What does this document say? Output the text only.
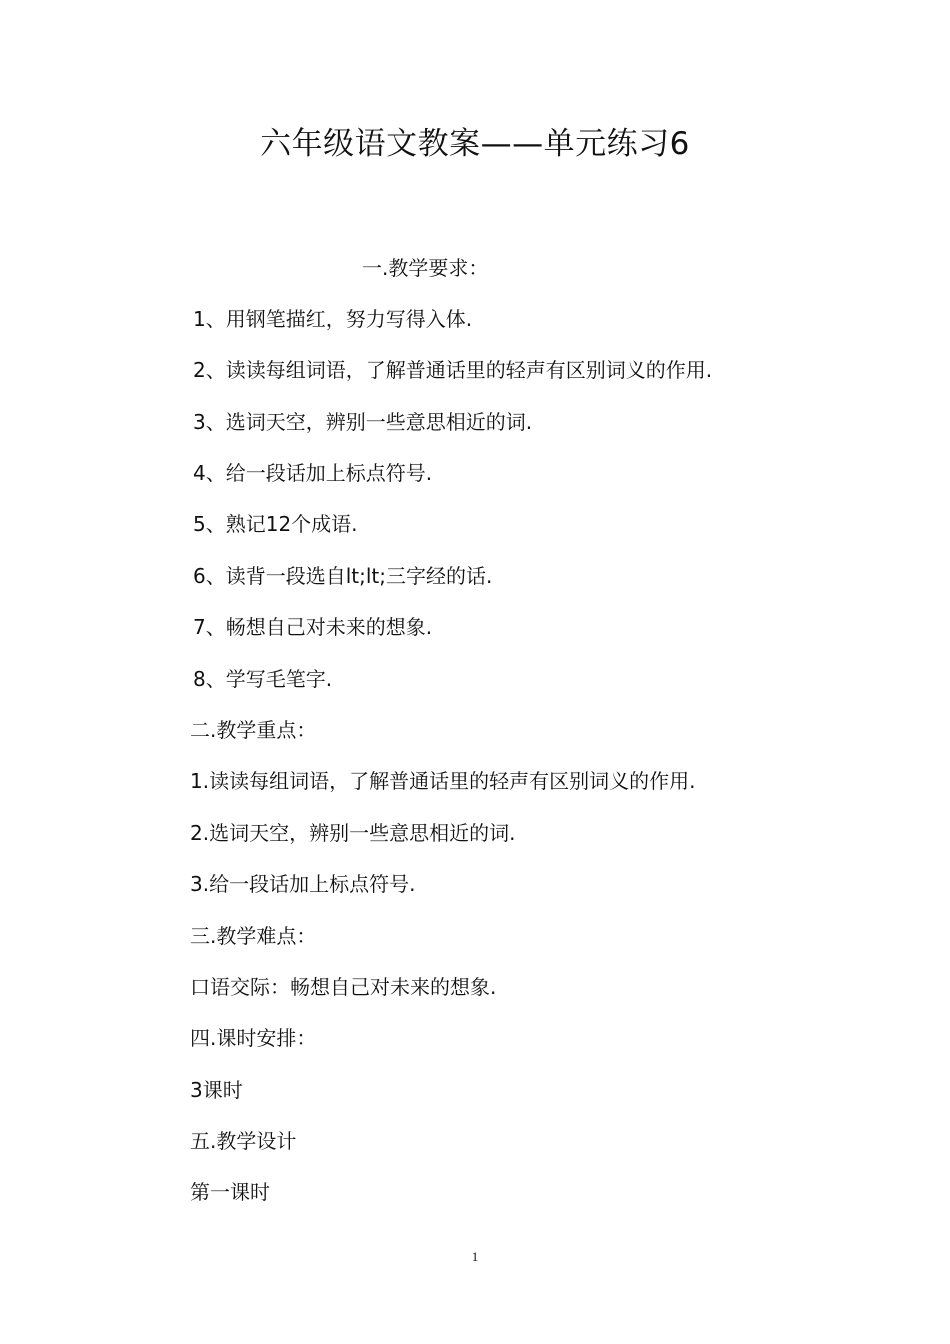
六年级语文教案——单元练习6
一.教学要求：
1、用钢笔描红，努力写得入体.
2、读读每组词语，了解普通话里的轻声有区别词义的作用.
3、选词天空，辨别一些意思相近的词.
4、给一段话加上标点符号.
5、熟记12个成语.
6、读背一段选自lt;lt;三字经的话.
7、畅想自己对未来的想象.
8、学写毛笔字.
二.教学重点：
1.读读每组词语，了解普通话里的轻声有区别词义的作用.
2.选词天空，辨别一些意思相近的词.
3.给一段话加上标点符号.
三.教学难点：
口语交际：畅想自己对未来的想象.
四.课时安排：
3课时
五.教学设计
第一课时
1
